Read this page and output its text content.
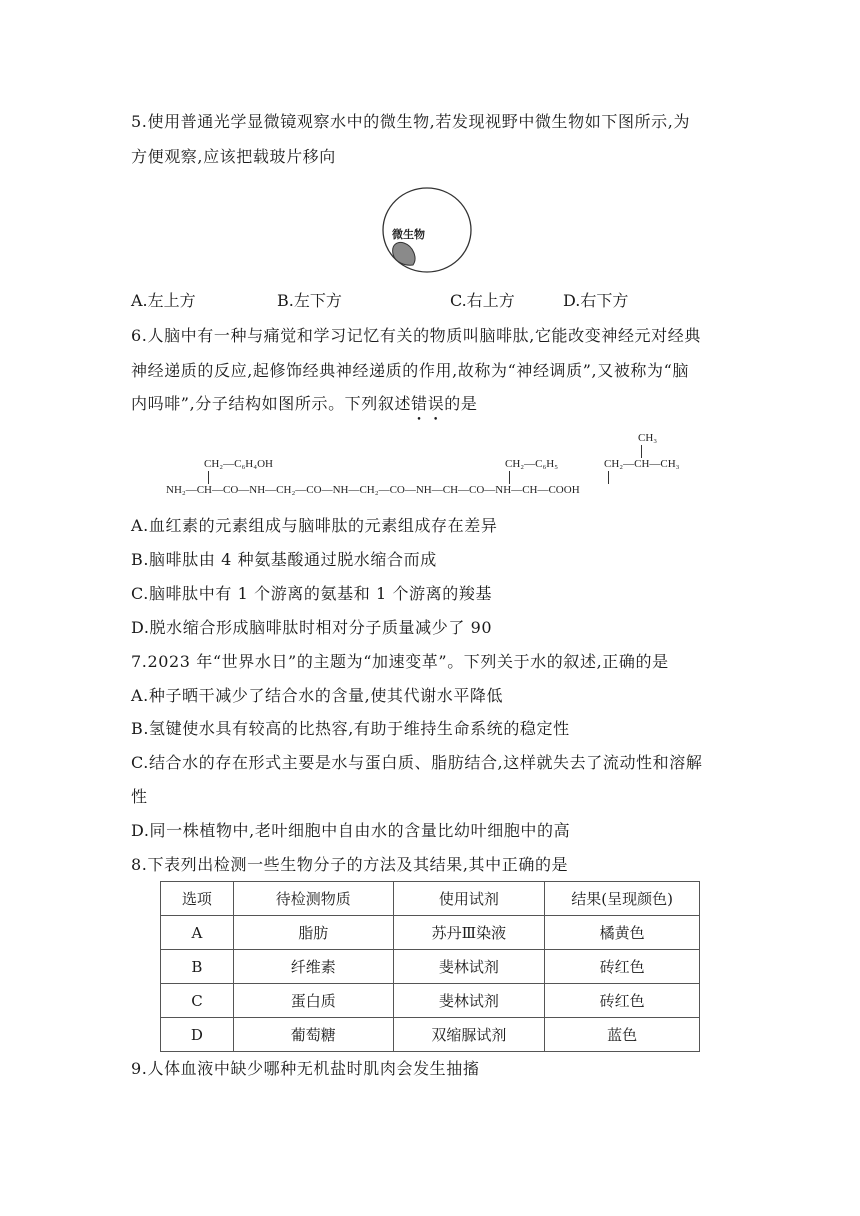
5.使用普通光学显微镜观察水中的微生物,若发现视野中微生物如下图所示,为
方便观察,应该把载玻片移向
微生物
A.左上方	B.左下方	C.右上方	D.右下方
6.人脑中有一种与痛觉和学习记忆有关的物质叫脑啡肽,它能改变神经元对经典
神经递质的反应,起修饰经典神经递质的作用,故称为“神经调质”,又被称为“脑
内吗啡”,分子结构如图所示。下列叙述错误的是
CH₃
CH₂—C₆H₄OH	CH₂—C₆H₅	CH₂—CH—CH₃
NH₂—CH—CO—NH—CH₂—CO—NH—CH₂—CO—NH—CH—CO—NH—CH—COOH
A.血红素的元素组成与脑啡肽的元素组成存在差异
B.脑啡肽由 4 种氨基酸通过脱水缩合而成
C.脑啡肽中有 1 个游离的氨基和 1 个游离的羧基
D.脱水缩合形成脑啡肽时相对分子质量减少了 90
7.2023 年“世界水日”的主题为“加速变革”。下列关于水的叙述,正确的是
A.种子晒干减少了结合水的含量,使其代谢水平降低
B.氢键使水具有较高的比热容,有助于维持生命系统的稳定性
C.结合水的存在形式主要是水与蛋白质、脂肪结合,这样就失去了流动性和溶解
性
D.同一株植物中,老叶细胞中自由水的含量比幼叶细胞中的高
8.下表列出检测一些生物分子的方法及其结果,其中正确的是
选项	待检测物质	使用试剂	结果(呈现颜色)
A	脂肪	苏丹Ⅲ染液	橘黄色
B	纤维素	斐林试剂	砖红色
C	蛋白质	斐林试剂	砖红色
D	葡萄糖	双缩脲试剂	蓝色
9.人体血液中缺少哪种无机盐时肌肉会发生抽搐
